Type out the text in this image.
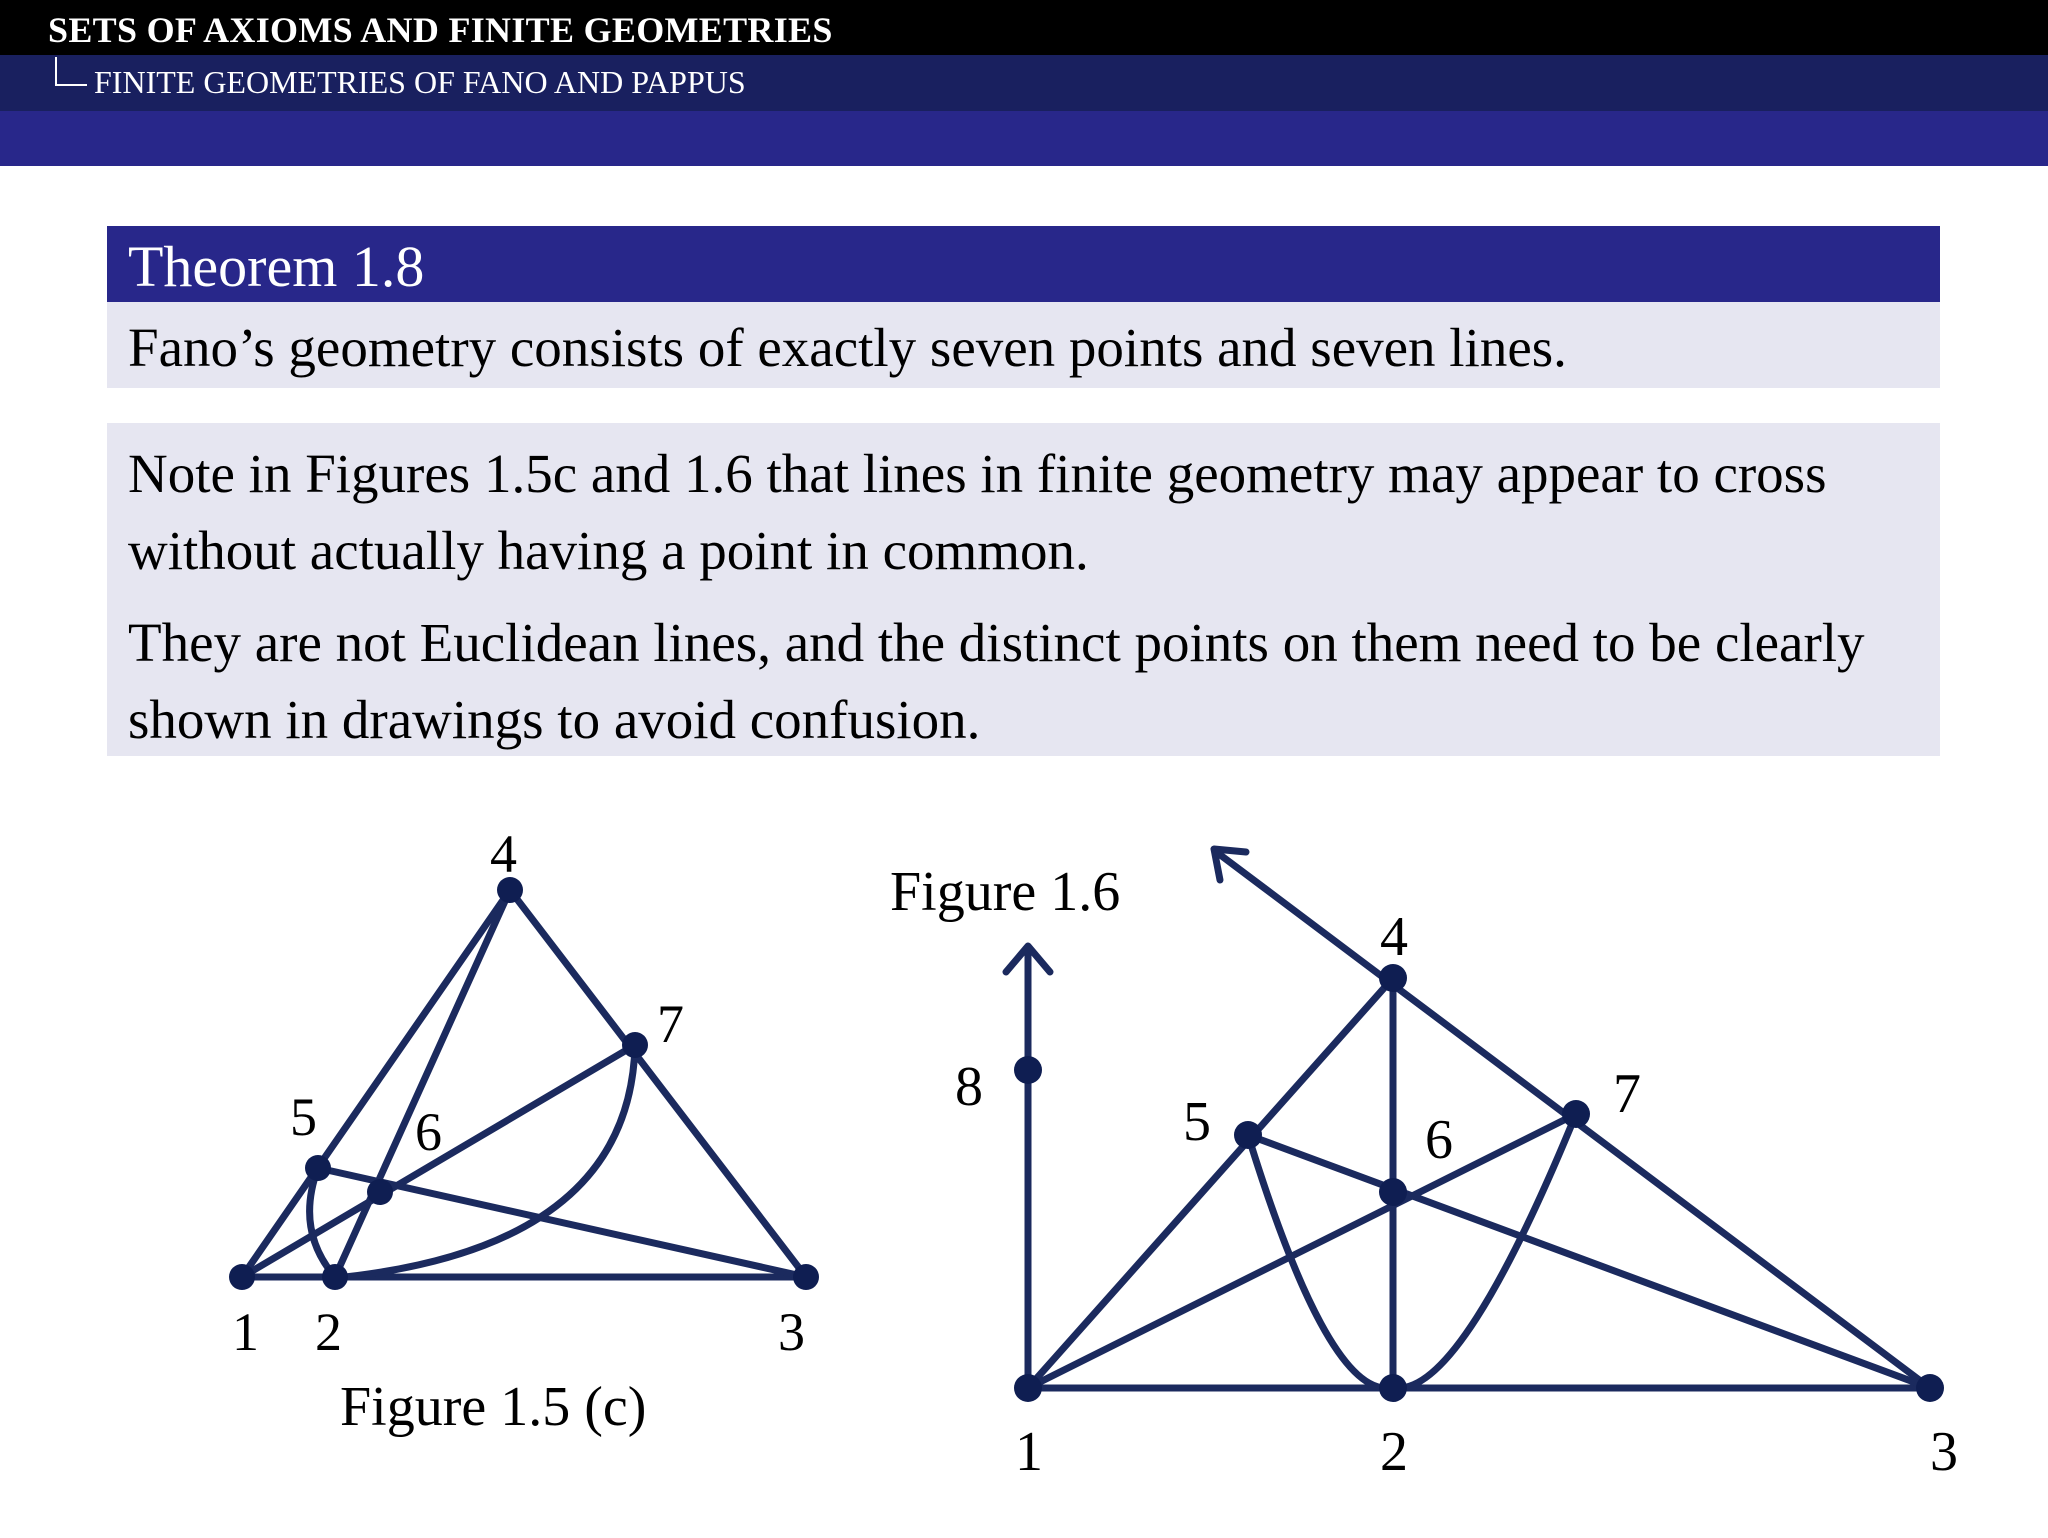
SETS OF AXIOMS AND FINITE GEOMETRIES
FINITE GEOMETRIES OF FANO AND PAPPUS
Theorem 1.8
Fano’s geometry consists of exactly seven points and seven lines.

Note in Figures 1.5c and 1.6 that lines in finite geometry may appear to cross without actually having a point in common.

They are not Euclidean lines, and the distinct points on them need to be clearly shown in drawings to avoid confusion.

1 2	3
4
5 6
7
Figure 1.5 (c)
1	2	3
4
5	6
7
8
Figure 1.6
